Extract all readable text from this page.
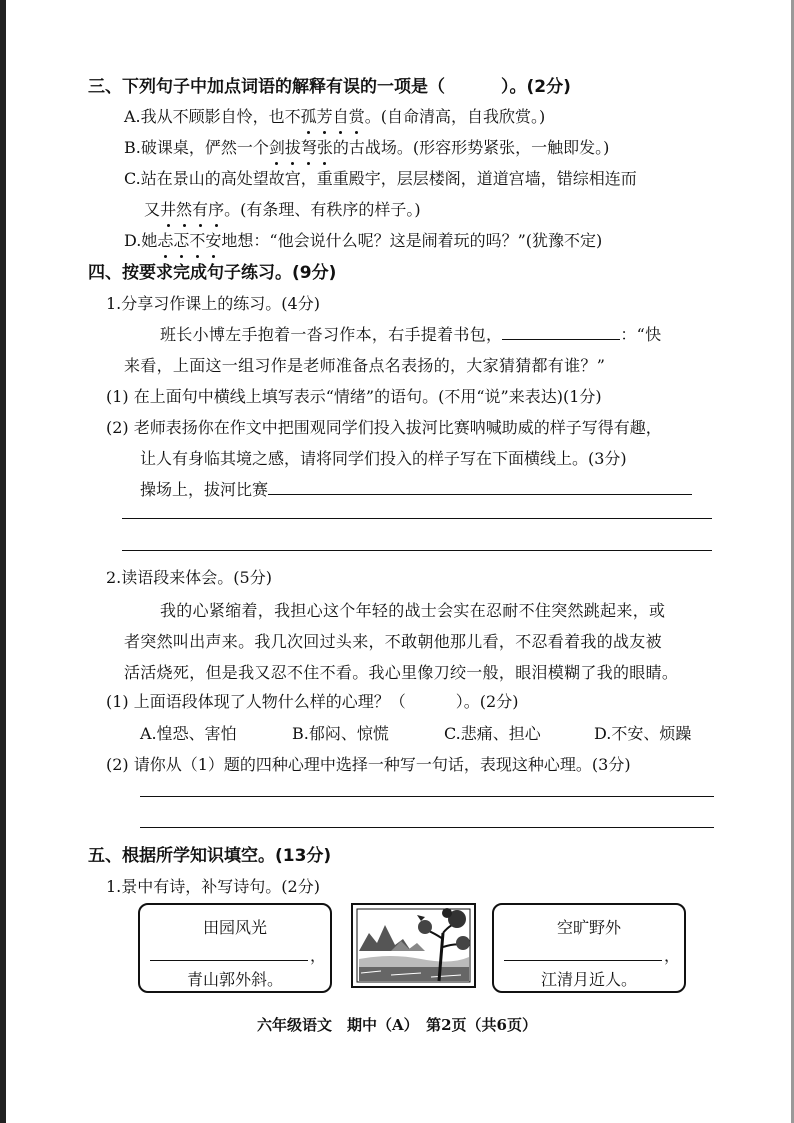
三、下列句子中加点词语的解释有误的一项是（	）。(2分)
A.我从不顾影自怜，也不孤芳自赏。(自命清高，自我欣赏。)
B.破课桌，俨然一个剑拔弩张的古战场。(形容形势紧张，一触即发。)
C.站在景山的高处望故宫，重重殿宇，层层楼阁，道道宫墙，错综相连而
又井然有序。(有条理、有秩序的样子。)
D.她忐忑不安地想：“他会说什么呢？这是闹着玩的吗？”(犹豫不定)
四、按要求完成句子练习。(9分)
1.分享习作课上的练习。(4分)
班长小博左手抱着一沓习作本，右手提着书包，	：“快
来看，上面这一组习作是老师准备点名表扬的，大家猜猜都有谁？”
(1) 在上面句中横线上填写表示“情绪”的语句。(不用“说”来表达)(1分)
(2) 老师表扬你在作文中把围观同学们投入拔河比赛呐喊助威的样子写得有趣，
让人有身临其境之感，请将同学们投入的样子写在下面横线上。(3分)
操场上，拔河比赛
2.读语段来体会。(5分)
我的心紧缩着，我担心这个年轻的战士会实在忍耐不住突然跳起来，或
者突然叫出声来。我几次回过头来，不敢朝他那儿看，不忍看着我的战友被
活活烧死，但是我又忍不住不看。我心里像刀绞一般，眼泪模糊了我的眼睛。
(1) 上面语段体现了人物什么样的心理？（	）。(2分)
A.惶恐、害怕	B.郁闷、惊慌	C.悲痛、担心	D.不安、烦躁
(2) 请你从（1）题的四种心理中选择一种写一句话，表现这种心理。(3分)
五、根据所学知识填空。(13分)
1.景中有诗，补写诗句。(2分)
田园风光
，
青山郭外斜。
空旷野外
，
江清月近人。
六年级语文　期中（A）　第2页（共6页）
